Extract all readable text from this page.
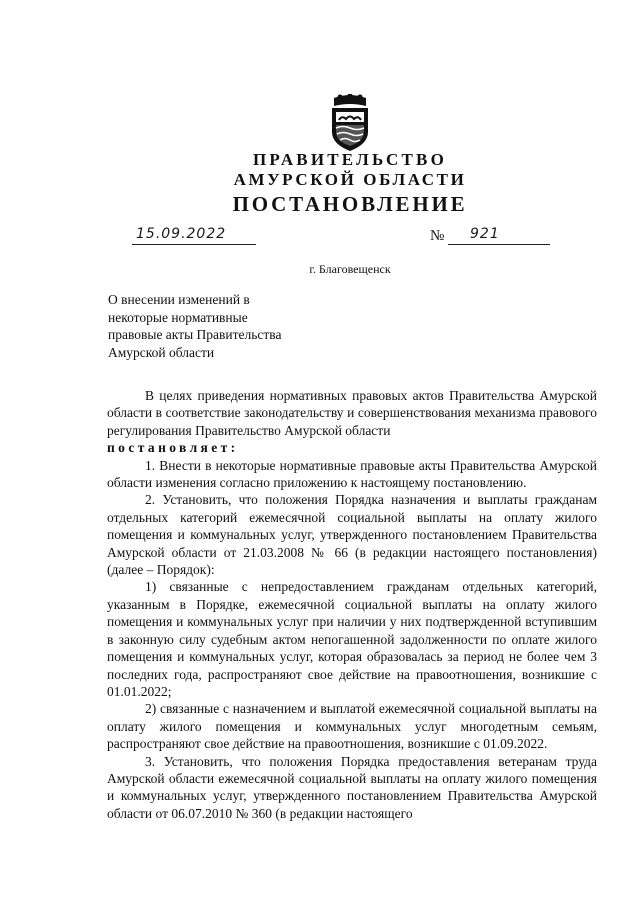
ПРАВИТЕЛЬСТВО
АМУРСКОЙ ОБЛАСТИ
ПОСТАНОВЛЕНИЕ
15.09.2022	№ 921
г. Благовещенск
О внесении изменений в
некоторые нормативные
правовые акты Правительства
Амурской области

В целях приведения нормативных правовых актов Правительства Амурской области в соответствие законодательству и совершенствования механизма правового регулирования Правительство Амурской области

постановляет:

1. Внести в некоторые нормативные правовые акты Правительства Амурской области изменения согласно приложению к настоящему постановлению.

2. Установить, что положения Порядка назначения и выплаты гражданам отдельных категорий ежемесячной социальной выплаты на оплату жилого помещения и коммунальных услуг, утвержденного постановлением Правительства Амурской области от 21.03.2008 № 66 (в редакции настоящего постановления) (далее – Порядок):

1) связанные с непредоставлением гражданам отдельных категорий, указанным в Порядке, ежемесячной социальной выплаты на оплату жилого помещения и коммунальных услуг при наличии у них подтвержденной вступившим в законную силу судебным актом непогашенной задолженности по оплате жилого помещения и коммунальных услуг, которая образовалась за период не более чем 3 последних года, распространяют свое действие на правоотношения, возникшие с 01.01.2022;

2) связанные с назначением и выплатой ежемесячной социальной выплаты на оплату жилого помещения и коммунальных услуг многодетным семьям, распространяют свое действие на правоотношения, возникшие с 01.09.2022.

3. Установить, что положения Порядка предоставления ветеранам труда Амурской области ежемесячной социальной выплаты на оплату жилого помещения и коммунальных услуг, утвержденного постановлением Правительства Амурской области от 06.07.2010 № 360 (в редакции настоящего
